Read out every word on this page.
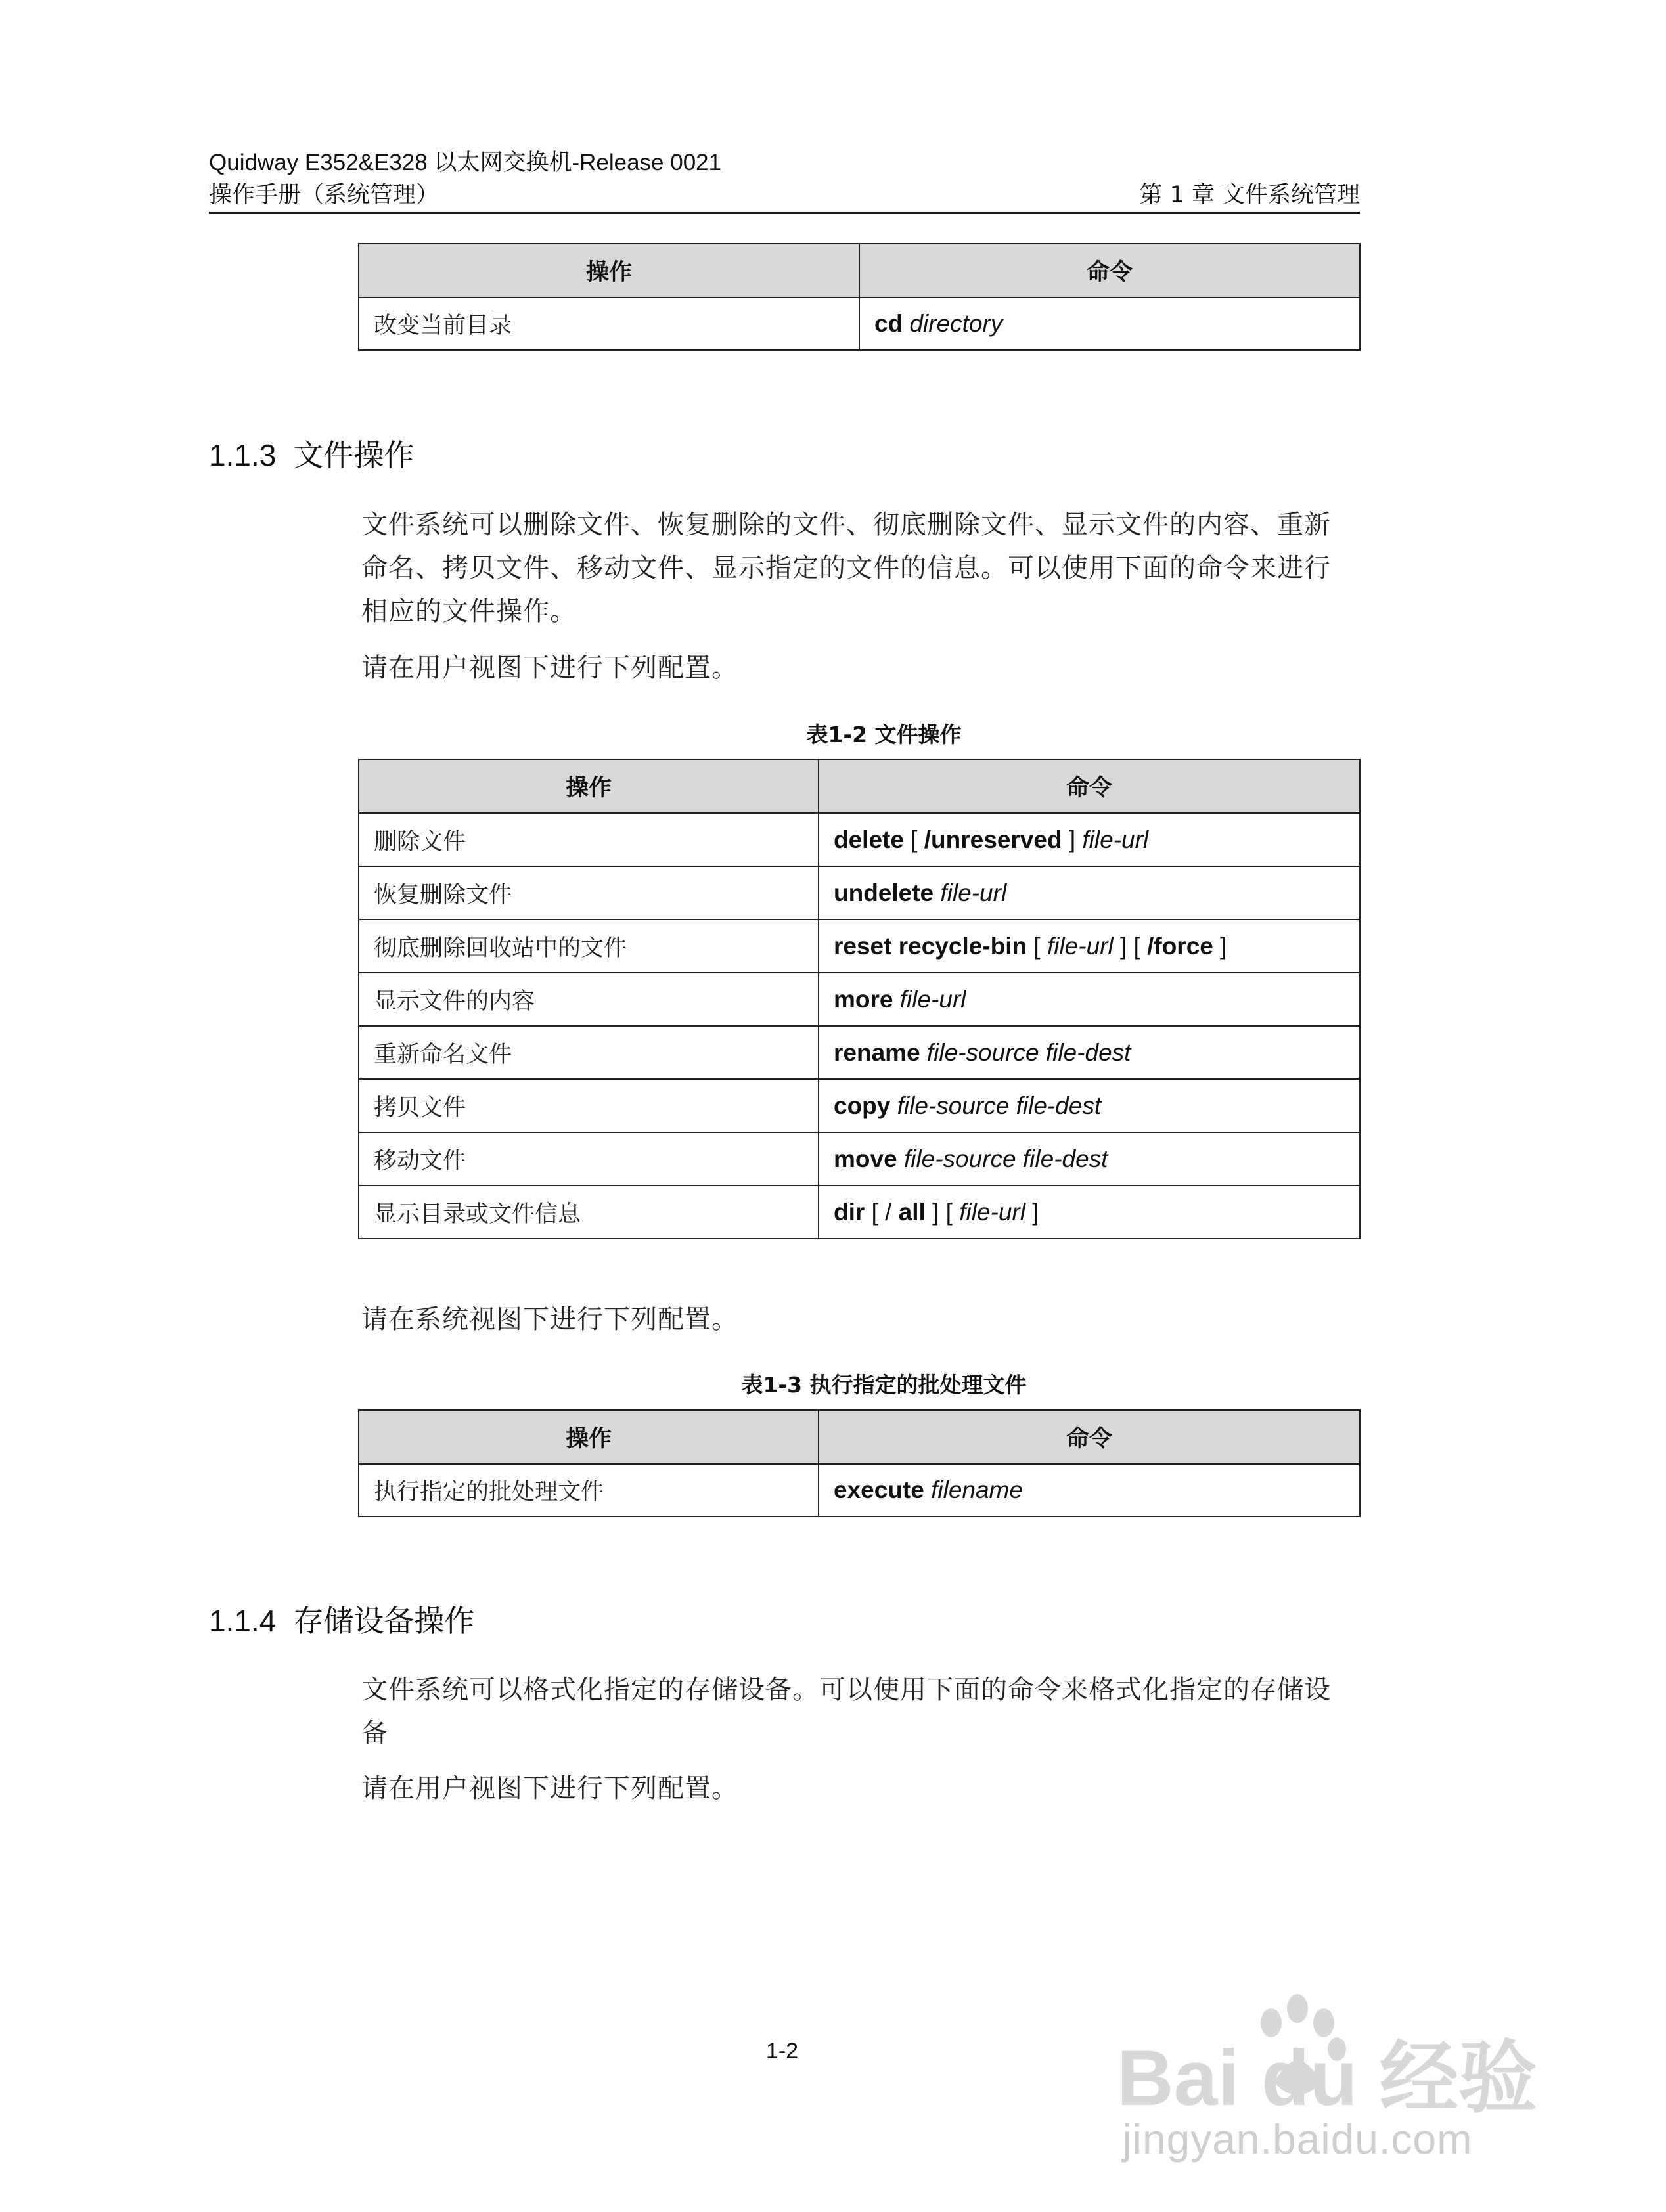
Quidway E352&E328 以太网交换机-Release 0021
操作手册（系统管理）	第 1 章 文件系统管理
操作	命令
改变当前目录	cd directory
1.1.3 文件操作
文件系统可以删除文件、恢复删除的文件、彻底删除文件、显示文件的内容、重新
命名、拷贝文件、移动文件、显示指定的文件的信息。可以使用下面的命令来进行
相应的文件操作。
请在用户视图下进行下列配置。
表1-2 文件操作
操作	命令
删除文件	delete [ /unreserved ] file-url
恢复删除文件	undelete file-url
彻底删除回收站中的文件	reset recycle-bin [ file-url ] [ /force ]
显示文件的内容	more file-url
重新命名文件	rename file-source file-dest
拷贝文件	copy file-source file-dest
移动文件	move file-source file-dest
显示目录或文件信息	dir [ / all ] [ file-url ]
请在系统视图下进行下列配置。
表1-3 执行指定的批处理文件
操作	命令
执行指定的批处理文件	execute filename
1.1.4 存储设备操作
文件系统可以格式化指定的存储设备。可以使用下面的命令来格式化指定的存储设
备
请在用户视图下进行下列配置。
1-2	Bai du 经验
jingyan.baidu.com
